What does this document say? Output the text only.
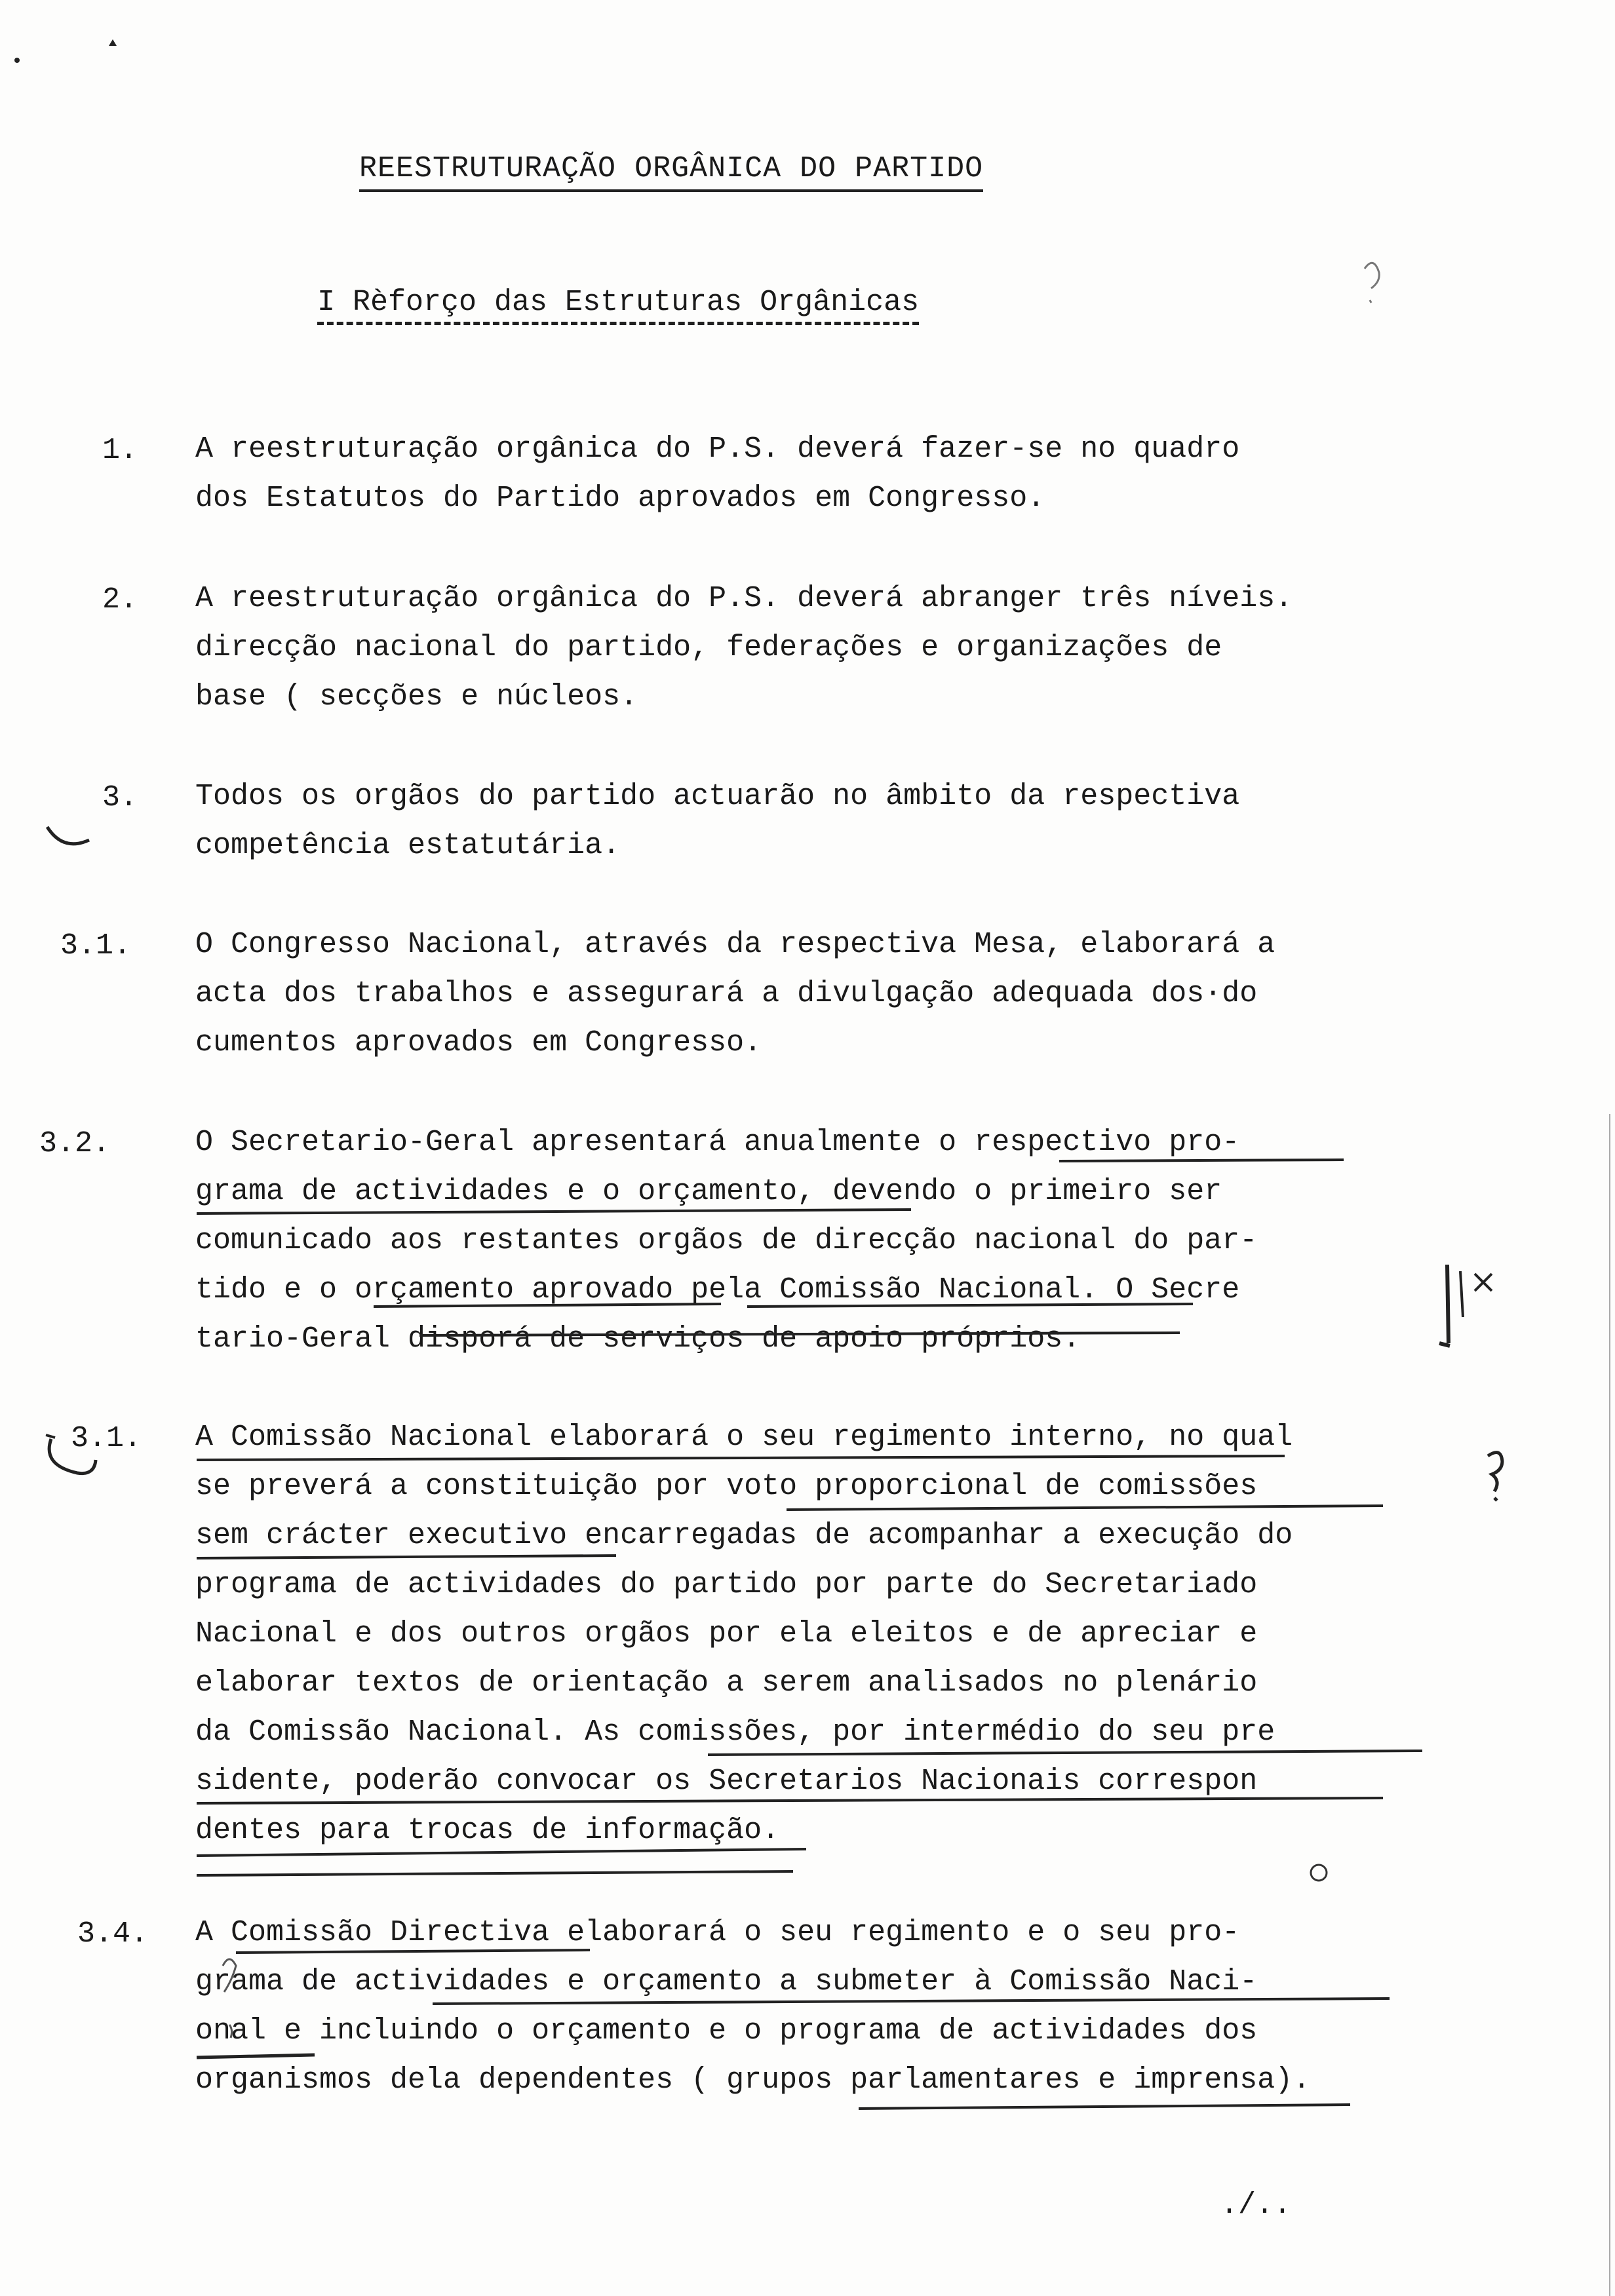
REESTRUTURAÇÃO ORGÂNICA DO PARTIDO
I Rèforço das Estruturas Orgânicas
1. A reestruturação orgânica do P.S. deverá fazer-se no quadro
dos Estatutos do Partido aprovados em Congresso.
2. A reestruturação orgânica do P.S. deverá abranger três níveis.
direcção nacional do partido, federações e organizações de
base ( secções e núcleos.
3. Todos os orgãos do partido actuarão no âmbito da respectiva
competência estatutária.
3.1. O Congresso Nacional, através da respectiva Mesa, elaborará a
acta dos trabalhos e assegurará a divulgação adequada dos·do
cumentos aprovados em Congresso.
3.2.	O Secretario-Geral apresentará anualmente o respectivo pro-
grama de actividades e o orçamento, devendo o primeiro ser
comunicado aos restantes orgãos de direcção nacional do par-
tido e o orçamento aprovado pela Comissão Nacional. O Secre
tario-Geral disporá de serviços de apoio próprios.
3.1. A Comissão Nacional elaborará o seu regimento interno, no qual
se preverá a constituição por voto proporcional de comissões
sem crácter executivo encarregadas de acompanhar a execução do
programa de actividades do partido por parte do Secretariado
Nacional e dos outros orgãos por ela eleitos e de apreciar e
elaborar textos de orientação a serem analisados no plenário
da Comissão Nacional. As comissões, por intermédio do seu pre
sidente, poderão convocar os Secretarios Nacionais correspon
dentes para trocas de informação.
3.4. A Comissão Directiva elaborará o seu regimento e o seu pro-
grama de actividades e orçamento a submeter à Comissão Naci-
onal e incluindo o orçamento e o programa de actividades dos
organismos dela dependentes ( grupos parlamentares e imprensa).
./..
